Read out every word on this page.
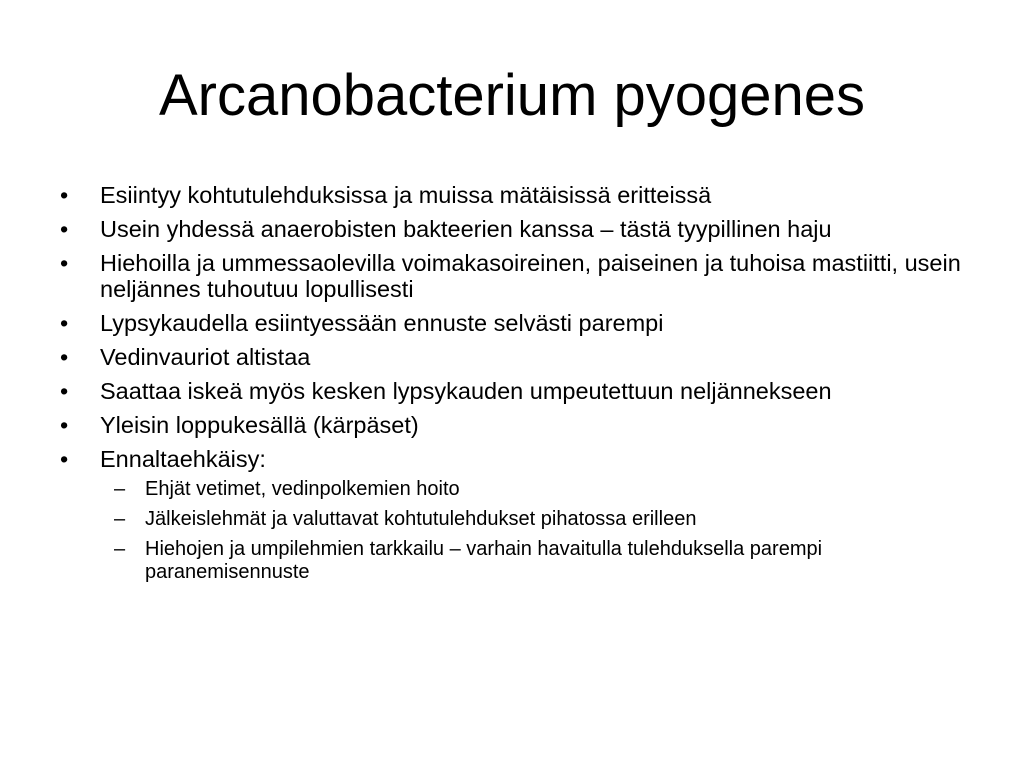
Arcanobacterium pyogenes
•	Esiintyy kohtutulehduksissa ja muissa mätäisissä eritteissä
•	Usein yhdessä anaerobisten bakteerien kanssa – tästä tyypillinen haju
•	Hiehoilla ja ummessaolevilla voimakasoireinen, paiseinen ja tuhoisa mastiitti, usein neljännes tuhoutuu lopullisesti
•	Lypsykaudella esiintyessään ennuste selvästi parempi
•	Vedinvauriot altistaa
•	Saattaa iskeä myös kesken lypsykauden umpeutettuun neljännekseen
•	Yleisin loppukesällä (kärpäset)
•	Ennaltaehkäisy:
– Ehjät vetimet, vedinpolkemien hoito
– Jälkeislehmät ja valuttavat kohtutulehdukset pihatossa erilleen
– Hiehojen ja umpilehmien tarkkailu – varhain havaitulla tulehduksella parempi paranemisennuste
